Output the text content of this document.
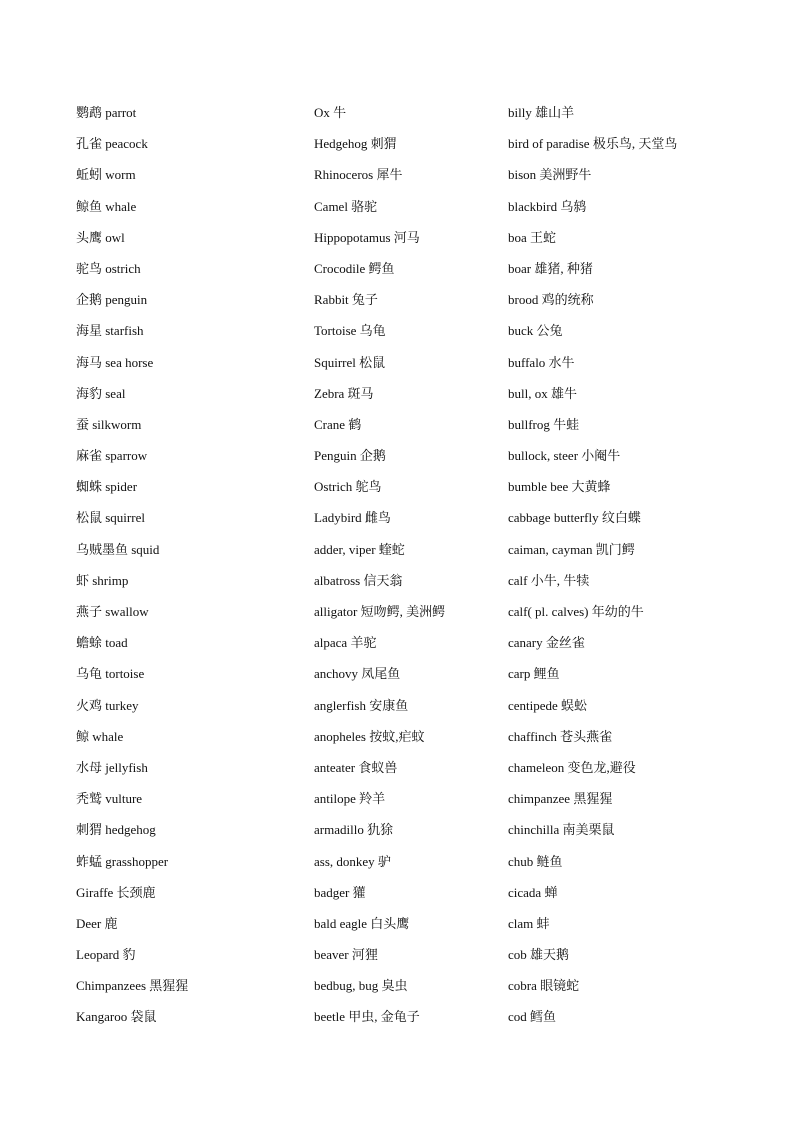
鹦鹉 parrot
孔雀 peacock
蚯蚓 worm
鲸鱼 whale
头鹰 owl
驼鸟 ostrich
企鹅 penguin
海星 starfish
海马 sea horse
海豹 seal
蚕 silkworm
麻雀 sparrow
蜘蛛 spider
松鼠 squirrel
乌贼墨鱼 squid
虾 shrimp
燕子 swallow
蟾蜍 toad
乌龟 tortoise
火鸡 turkey
鲸 whale
水母 jellyfish
秃鹫 vulture
刺猬 hedgehog
蚱蜢 grasshopper
Giraffe 长颈鹿
Deer 鹿
Leopard 豹
Chimpanzees 黑猩猩
Kangaroo 袋鼠
Ox 牛
Hedgehog 刺猬
Rhinoceros 犀牛
Camel 骆驼
Hippopotamus 河马
Crocodile 鳄鱼
Rabbit 兔子
Tortoise 乌龟
Squirrel 松鼠
Zebra 斑马
Crane 鹤
Penguin 企鹅
Ostrich 鸵鸟
Ladybird 雌鸟
adder, viper 蝰蛇
albatross 信天翁
alligator 短吻鳄, 美洲鳄
alpaca 羊驼
anchovy 凤尾鱼
anglerfish 安康鱼
anopheles 按蚊,疟蚊
anteater 食蚁兽
antilope 羚羊
armadillo 犰狳
ass, donkey 驴
badger 獾
bald eagle 白头鹰
beaver 河狸
bedbug, bug 臭虫
beetle 甲虫, 金龟子
billy 雄山羊
bird of paradise 极乐鸟, 天堂鸟
bison 美洲野牛
blackbird 乌鸫
boa 王蛇
boar 雄猪, 种猪
brood 鸡的统称
buck 公兔
buffalo 水牛
bull, ox 雄牛
bullfrog 牛蛙
bullock, steer 小阉牛
bumble bee 大黄蜂
cabbage butterfly 纹白蝶
caiman, cayman 凯门鳄
calf 小牛, 牛犊
calf( pl. calves) 年幼的牛
canary 金丝雀
carp 鲤鱼
centipede 蜈蚣
chaffinch 苍头燕雀
chameleon 变色龙,避役
chimpanzee 黑猩猩
chinchilla 南美栗鼠
chub 鲢鱼
cicada 蝉
clam 蚌
cob 雄天鹅
cobra 眼镜蛇
cod 鳕鱼
